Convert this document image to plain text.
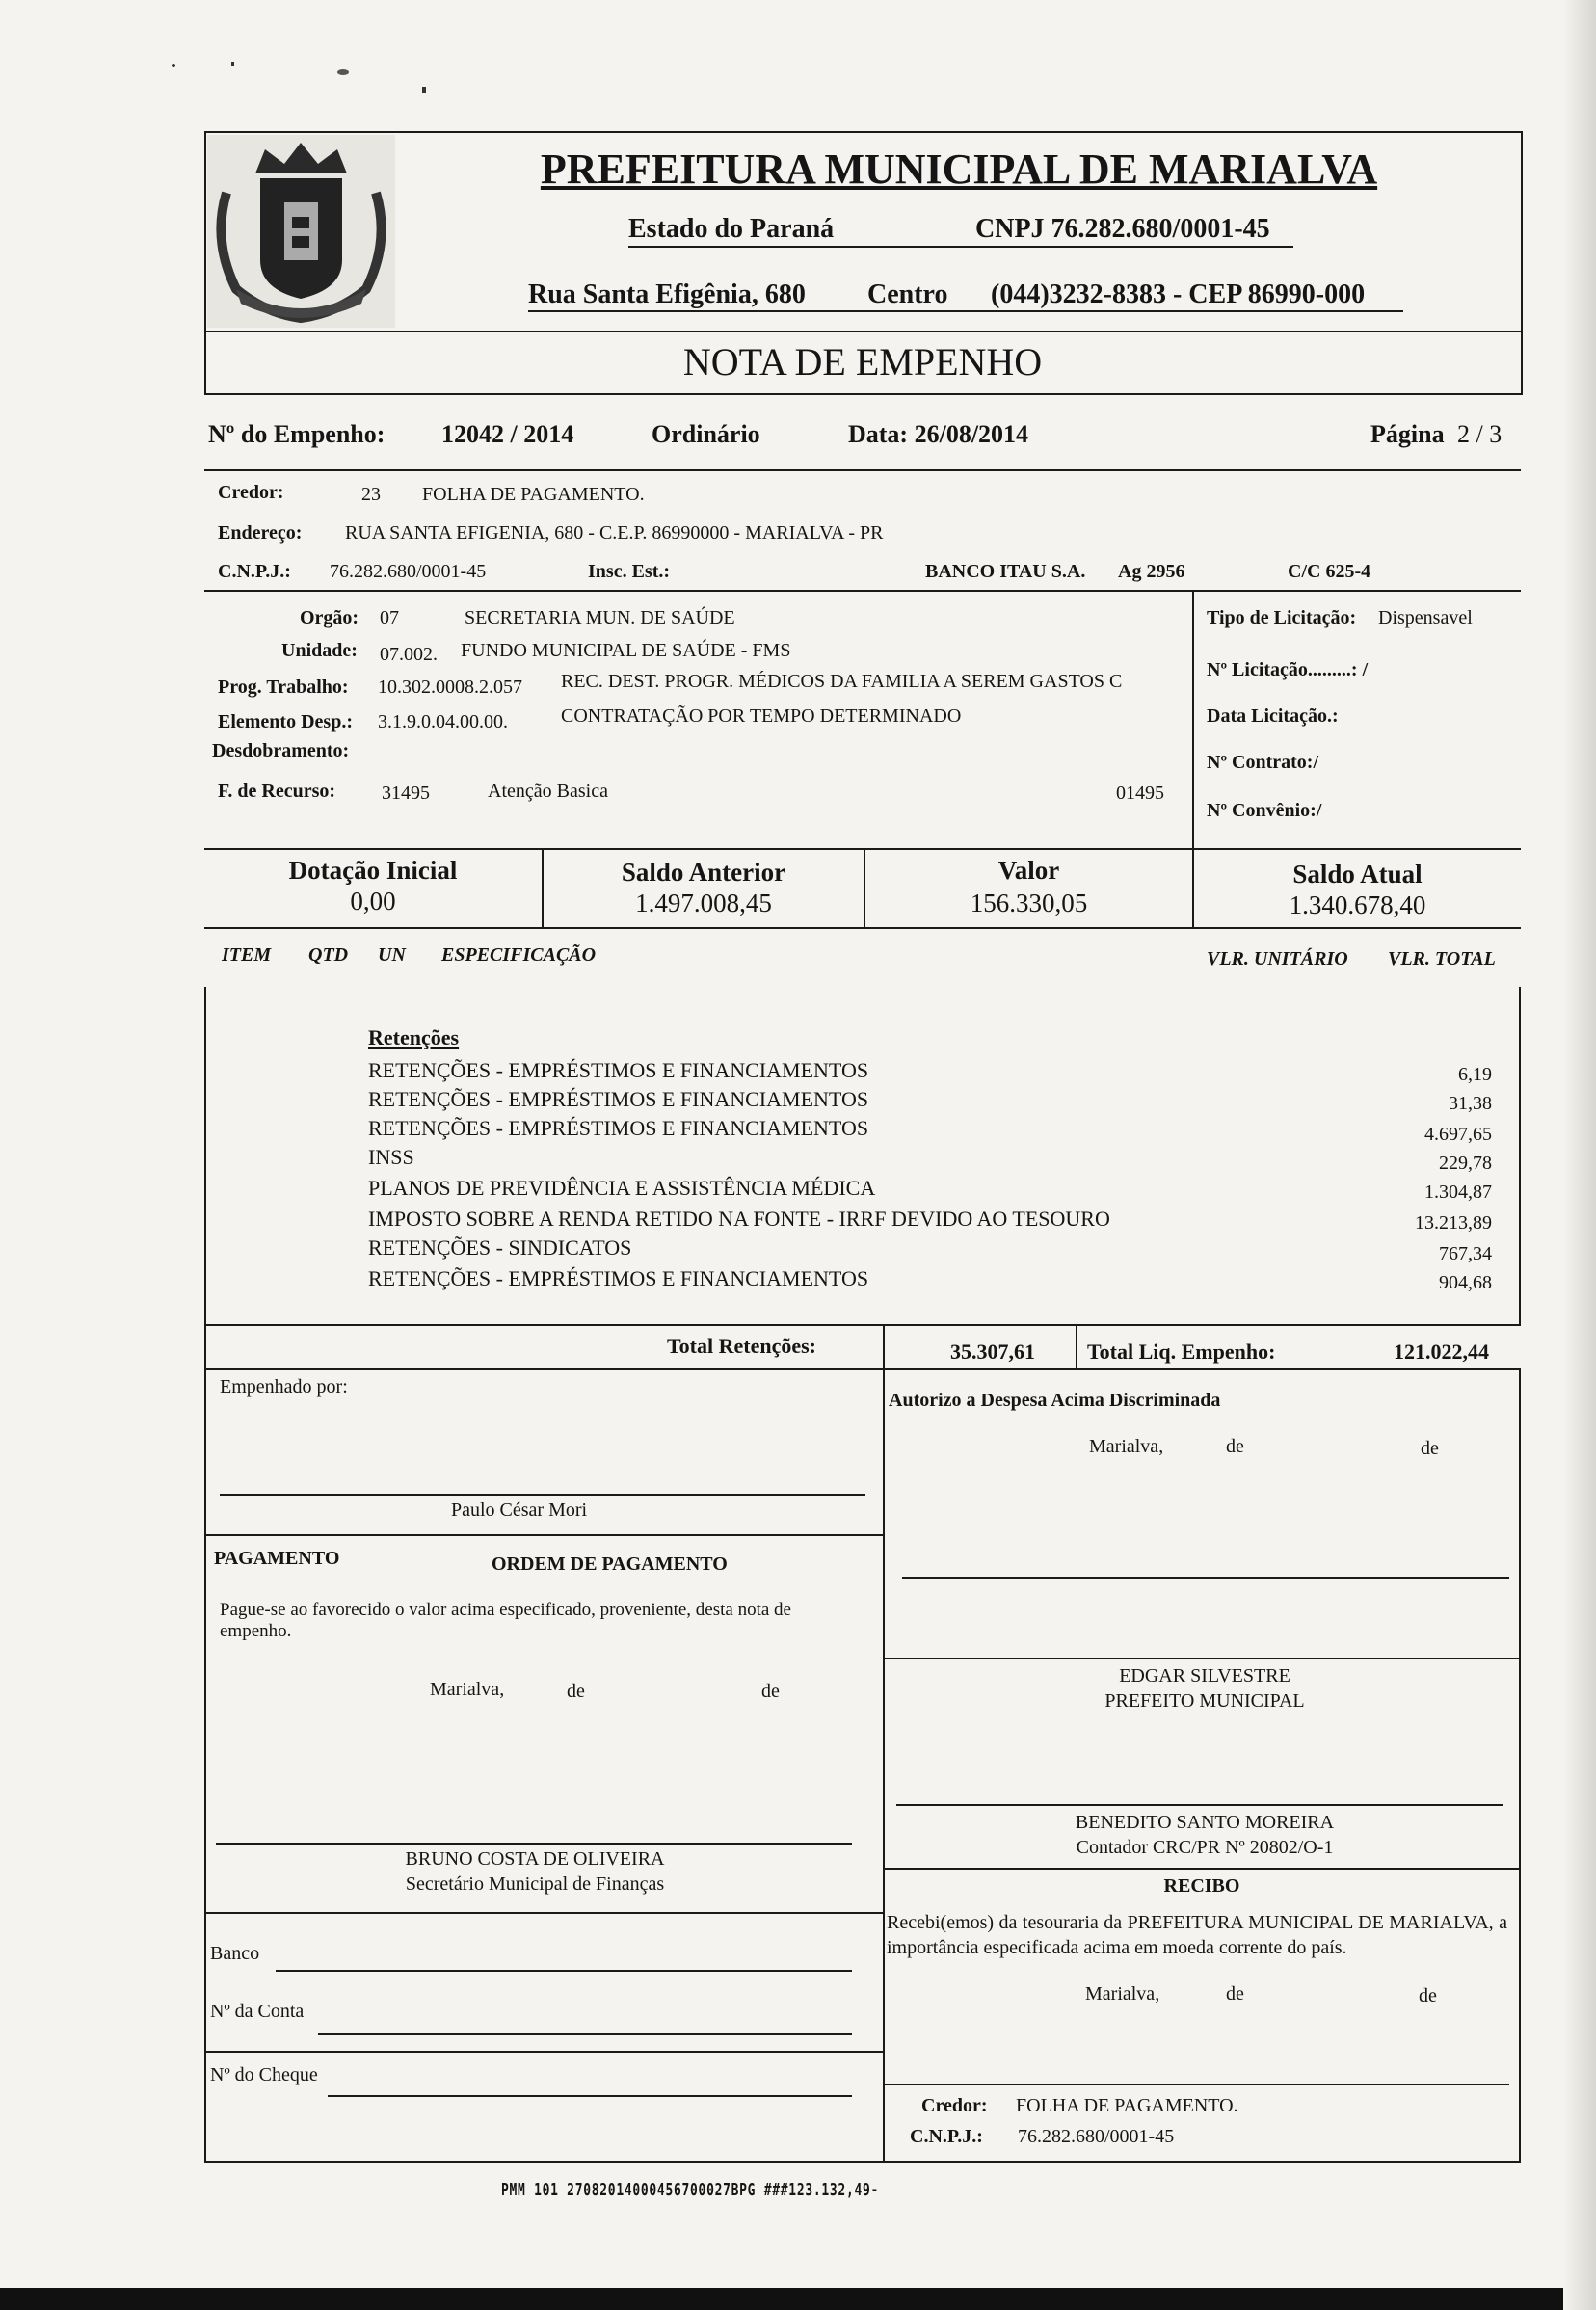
PREFEITURA MUNICIPAL DE MARIALVA
Estado do Paraná	CNPJ 76.282.680/0001-45
Rua Santa Efigênia, 680 Centro (044)3232-8383 - CEP 86990-000
NOTA DE EMPENHO
Nº do Empenho: 12042 / 2014	Ordinário	Data: 26/08/2014	Página 2 / 3
Credor:	23 FOLHA DE PAGAMENTO.
Endereço: RUA SANTA EFIGENIA, 680 - C.E.P. 86990000 - MARIALVA - PR
C.N.P.J.: 76.282.680/0001-45	Insc. Est.:	BANCO ITAU S.A. Ag 2956	C/C 625-4
Orgão: 07	SECRETARIA MUN. DE SAÚDE
Unidade: 07.002. FUNDO MUNICIPAL DE SAÚDE - FMS
Prog. Trabalho: 10.302.0008.2.057 REC. DEST. PROGR. MÉDICOS DA FAMILIA A SEREM GASTOS C
Elemento Desp.: 3.1.9.0.04.00.00.	CONTRATAÇÃO POR TEMPO DETERMINADO
Desdobramento:
F. de Recurso: 31495	Atenção Basica	01495
Tipo de Licitação: Dispensavel
Nº Licitação.........: /
Data Licitação.:
Nº Contrato:/
Nº Convênio:/
Dotação Inicial
0,00
Saldo Anterior
1.497.008,45
Valor
156.330,05
Saldo Atual
1.340.678,40
ITEM QTD UN ESPECIFICAÇÃO	VLR. UNITÁRIO VLR. TOTAL
Retenções
RETENÇÕES - EMPRÉSTIMOS E FINANCIAMENTOS	6,19
RETENÇÕES - EMPRÉSTIMOS E FINANCIAMENTOS	31,38
RETENÇÕES - EMPRÉSTIMOS E FINANCIAMENTOS	4.697,65
INSS	229,78
PLANOS DE PREVIDÊNCIA E ASSISTÊNCIA MÉDICA	1.304,87
IMPOSTO SOBRE A RENDA RETIDO NA FONTE - IRRF DEVIDO AO TESOURO	13.213,89
RETENÇÕES - SINDICATOS	767,34
RETENÇÕES - EMPRÉSTIMOS E FINANCIAMENTOS	904,68
Total Retenções:	35.307,61 Total Liq. Empenho:	121.022,44
Empenhado por:
Paulo César Mori
Autorizo a Despesa Acima Discriminada
Marialva,	de	de
PAGAMENTO	ORDEM DE PAGAMENTO
Pague-se ao favorecido o valor acima especificado, proveniente, desta nota de empenho.
Marialva,	de	de
EDGAR SILVESTRE
PREFEITO MUNICIPAL
BENEDITO SANTO MOREIRA
Contador CRC/PR Nº 20802/O-1
BRUNO COSTA DE OLIVEIRA
Secretário Municipal de Finanças	RECIBO
Recebi(emos) da tesouraria da PREFEITURA MUNICIPAL DE MARIALVA, a importância especificada acima em moeda corrente do país.
Marialva,	de	de
Credor: FOLHA DE PAGAMENTO.
C.N.P.J.: 76.282.680/0001-45
Banco
Nº da Conta
Nº do Cheque
PMM 101 27082014000456700027BPG ###123.132,49-
